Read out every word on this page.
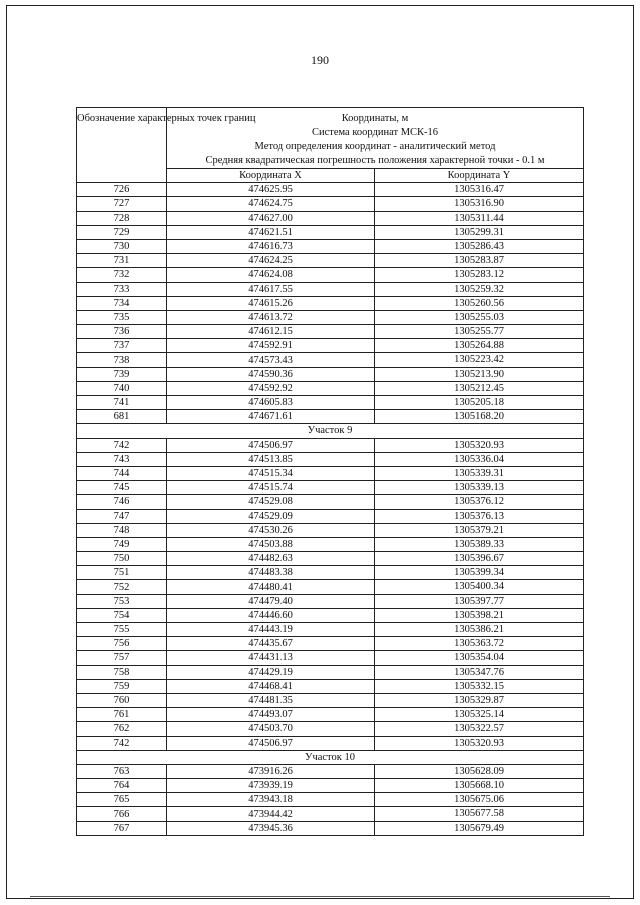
190
Обозначение характерных точек границ	Координаты, м
Система координат МСК-16
Метод определения координат - аналитический метод
Средняя квадратическая погрешность положения характерной точки - 0.1 м	

	Координата X	Координата Y
726	474625.95	1305316.47
727	474624.75	1305316.90
728	474627.00	1305311.44
729	474621.51	1305299.31
730	474616.73	1305286.43
731	474624.25	1305283.87
732	474624.08	1305283.12
733	474617.55	1305259.32
734	474615.26	1305260.56
735	474613.72	1305255.03
736	474612.15	1305255.77
737	474592.91	1305264.88
738	474573.43	1305223.42
739	474590.36	1305213.90
740	474592.92	1305212.45
741	474605.83	1305205.18
681	474671.61	1305168.20
Участок 9		
742	474506.97	1305320.93
743	474513.85	1305336.04
744	474515.34	1305339.31
745	474515.74	1305339.13
746	474529.08	1305376.12
747	474529.09	1305376.13
748	474530.26	1305379.21
749	474503.88	1305389.33
750	474482.63	1305396.67
751	474483.38	1305399.34
752	474480.41	1305400.34
753	474479.40	1305397.77
754	474446.60	1305398.21
755	474443.19	1305386.21
756	474435.67	1305363.72
757	474431.13	1305354.04
758	474429.19	1305347.76
759	474468.41	1305332.15
760	474481.35	1305329.87
761	474493.07	1305325.14
762	474503.70	1305322.57
742	474506.97	1305320.93
Участок 10		
763	473916.26	1305628.09
764	473939.19	1305668.10
765	473943.18	1305675.06
766	473944.42	1305677.58
767	473945.36	1305679.49
